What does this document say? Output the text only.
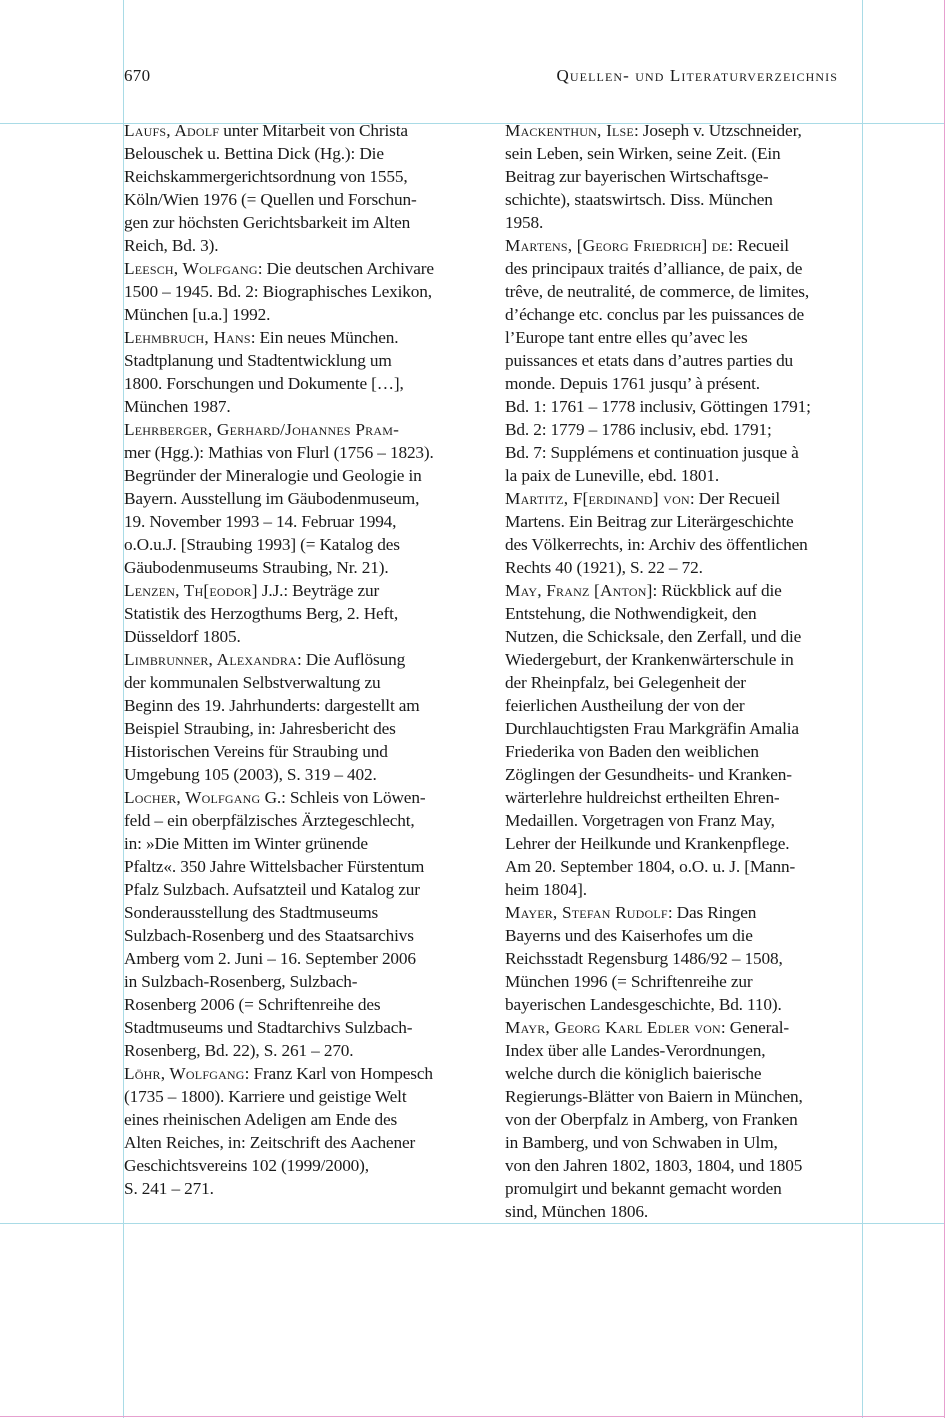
670	Quellen- und Literaturverzeichnis
Laufs, Adolf unter Mitarbeit von Christa
Belouschek u. Bettina Dick (Hg.): Die
Reichskammergerichtsordnung von 1555,
Köln/Wien 1976 (= Quellen und Forschun-
gen zur höchsten Gerichtsbarkeit im Alten
Reich, Bd. 3).
Leesch, Wolfgang: Die deutschen Archivare
1500 – 1945. Bd. 2: Biographisches Lexikon,
München [u.a.] 1992.
Lehmbruch, Hans: Ein neues München.
Stadtplanung und Stadtentwicklung um
1800. Forschungen und Dokumente […],
München 1987.
Lehrberger, Gerhard/Johannes Pram-
mer (Hgg.): Mathias von Flurl (1756 – 1823).
Begründer der Mineralogie und Geologie in
Bayern. Ausstellung im Gäubodenmuseum,
19. November 1993 – 14. Februar 1994,
o.O.u.J. [Straubing 1993] (= Katalog des
Gäubodenmuseums Straubing, Nr. 21).
Lenzen, Th[eodor] J.J.: Beyträge zur
Statistik des Herzogthums Berg, 2. Heft,
Düsseldorf 1805.
Limbrunner, Alexandra: Die Auflösung
der kommunalen Selbstverwaltung zu
Beginn des 19. Jahrhunderts: dargestellt am
Beispiel Straubing, in: Jahresbericht des
Historischen Vereins für Straubing und
Umgebung 105 (2003), S. 319 – 402.
Locher, Wolfgang G.: Schleis von Löwen-
feld – ein oberpfälzisches Ärztegeschlecht,
in: »Die Mitten im Winter grünende
Pfaltz«. 350 Jahre Wittelsbacher Fürstentum
Pfalz Sulzbach. Aufsatzteil und Katalog zur
Sonderausstellung des Stadtmuseums
Sulzbach-Rosenberg und des Staatsarchivs
Amberg vom 2. Juni – 16. September 2006
in Sulzbach-Rosenberg, Sulzbach-
Rosenberg 2006 (= Schriftenreihe des
Stadtmuseums und Stadtarchivs Sulzbach-
Rosenberg, Bd. 22), S. 261 – 270.
Löhr, Wolfgang: Franz Karl von Hompesch
(1735 – 1800). Karriere und geistige Welt
eines rheinischen Adeligen am Ende des
Alten Reiches, in: Zeitschrift des Aachener
Geschichtsvereins 102 (1999/2000),
S. 241 – 271.
Mackenthun, Ilse: Joseph v. Utzschneider,
sein Leben, sein Wirken, seine Zeit. (Ein
Beitrag zur bayerischen Wirtschaftsge-
schichte), staatswirtsch. Diss. München
1958.
Martens, [Georg Friedrich] de: Recueil
des principaux traités d’alliance, de paix, de
trêve, de neutralité, de commerce, de limites,
d’échange etc. conclus par les puissances de
l’Europe tant entre elles qu’avec les
puissances et etats dans d’autres parties du
monde. Depuis 1761 jusqu’ à présent.
Bd. 1: 1761 – 1778 inclusiv, Göttingen 1791;
Bd. 2: 1779 – 1786 inclusiv, ebd. 1791;
Bd. 7: Supplémens et continuation jusque à
la paix de Luneville, ebd. 1801.
Martitz, F[erdinand] von: Der Recueil
Martens. Ein Beitrag zur Literärgeschichte
des Völkerrechts, in: Archiv des öffentlichen
Rechts 40 (1921), S. 22 – 72.
May, Franz [Anton]: Rückblick auf die
Entstehung, die Nothwendigkeit, den
Nutzen, die Schicksale, den Zerfall, und die
Wiedergeburt, der Krankenwärterschule in
der Rheinpfalz, bei Gelegenheit der
feierlichen Austheilung der von der
Durchlauchtigsten Frau Markgräfin Amalia
Friederika von Baden den weiblichen
Zöglingen der Gesundheits- und Kranken-
wärterlehre huldreichst ertheilten Ehren-
Medaillen. Vorgetragen von Franz May,
Lehrer der Heilkunde und Krankenpflege.
Am 20. September 1804, o.O. u. J. [Mann-
heim 1804].
Mayer, Stefan Rudolf: Das Ringen
Bayerns und des Kaiserhofes um die
Reichsstadt Regensburg 1486/92 – 1508,
München 1996 (= Schriftenreihe zur
bayerischen Landesgeschichte, Bd. 110).
Mayr, Georg Karl Edler von: General-
Index über alle Landes-Verordnungen,
welche durch die königlich baierische
Regierungs-Blätter von Baiern in München,
von der Oberpfalz in Amberg, von Franken
in Bamberg, und von Schwaben in Ulm,
von den Jahren 1802, 1803, 1804, und 1805
promulgirt und bekannt gemacht worden
sind, München 1806.
